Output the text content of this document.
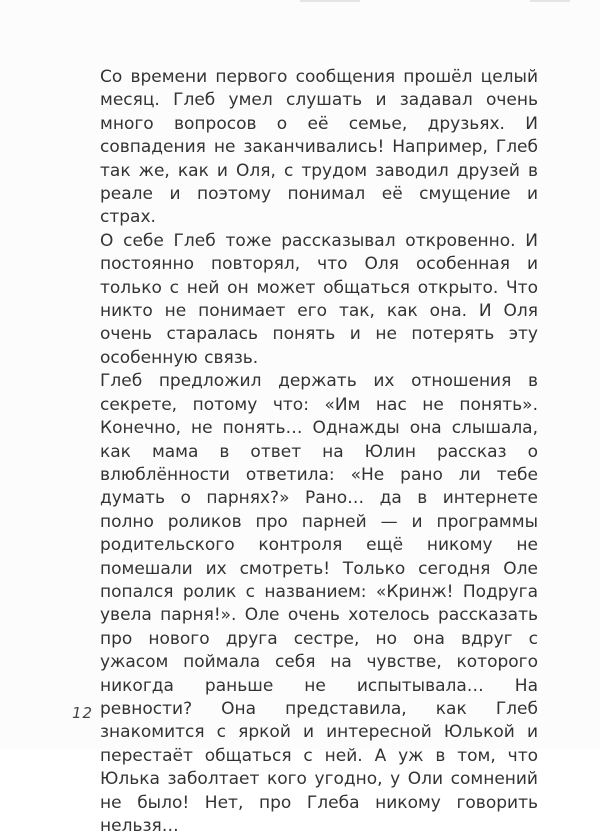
Со времени первого сообщения прошёл целый месяц. Глеб умел слушать и задавал очень много вопросов о её семье, друзьях. И совпадения не заканчивались! Например, Глеб так же, как и Оля, с трудом заводил друзей в реале и поэтому понимал её смущение и страх.

О себе Глеб тоже рассказывал откровенно. И постоянно повторял, что Оля особенная и только с ней он может общаться открыто. Что никто не понимает его так, как она. И Оля очень старалась понять и не потерять эту особенную связь.

Глеб предложил держать их отношения в секрете, потому что: «Им нас не понять». Конечно, не понять… Однажды она слышала, как мама в ответ на Юлин рассказ о влюблённости ответила: «Не рано ли тебе думать о парнях?» Рано… да в интернете полно роликов про парней — и программы родительского контроля ещё никому не помешали их смотреть! Только сегодня Оле попался ролик с названием: «Кринж! Подруга увела парня!». Оле очень хотелось рассказать про нового друга сестре, но она вдруг с ужасом поймала себя на чувстве, которого никогда раньше не испытывала… На ревности? Она представила, как Глеб знакомится с яркой и интересной Юлькой и перестаёт общаться с ней. А уж в том, что Юлька заболтает кого угодно, у Оли сомнений не было! Нет, про Глеба никому говорить нельзя…

12
